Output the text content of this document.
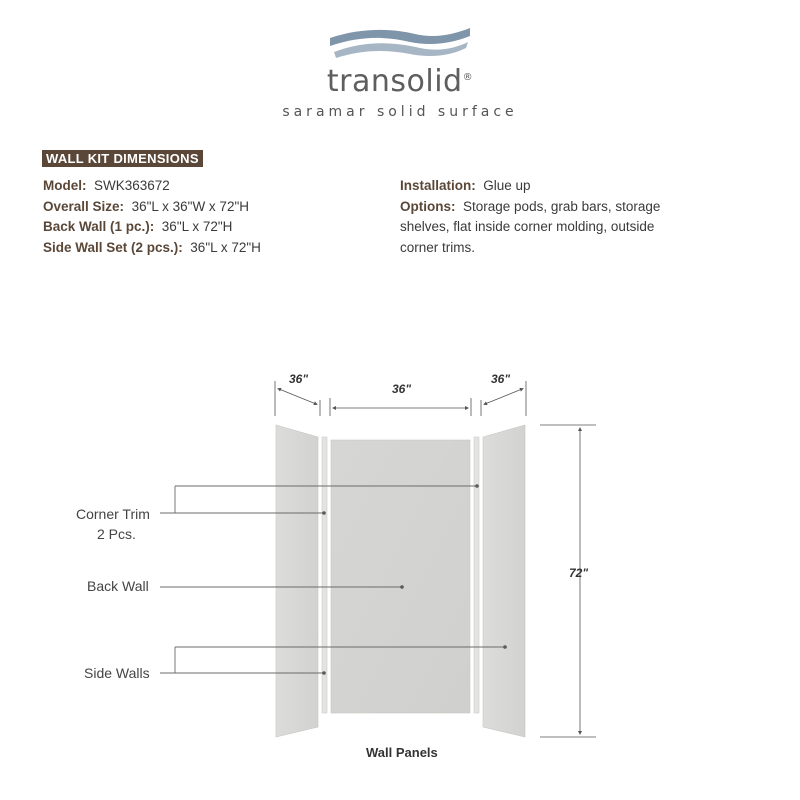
transolid®
saramar solid surface
WALL KIT DIMENSIONS
Model: SWK363672
Overall Size: 36"L x 36"W x 72"H
Back Wall (1 pc.): 36"L x 72"H
Side Wall Set (2 pcs.): 36"L x 72"H
Installation: Glue up
Options: Storage pods, grab bars, storage
shelves, flat inside corner molding, outside
corner trims.
36"
36"
36"
72"
Corner Trim
2 Pcs.
Back Wall
Side Walls
Wall Panels
